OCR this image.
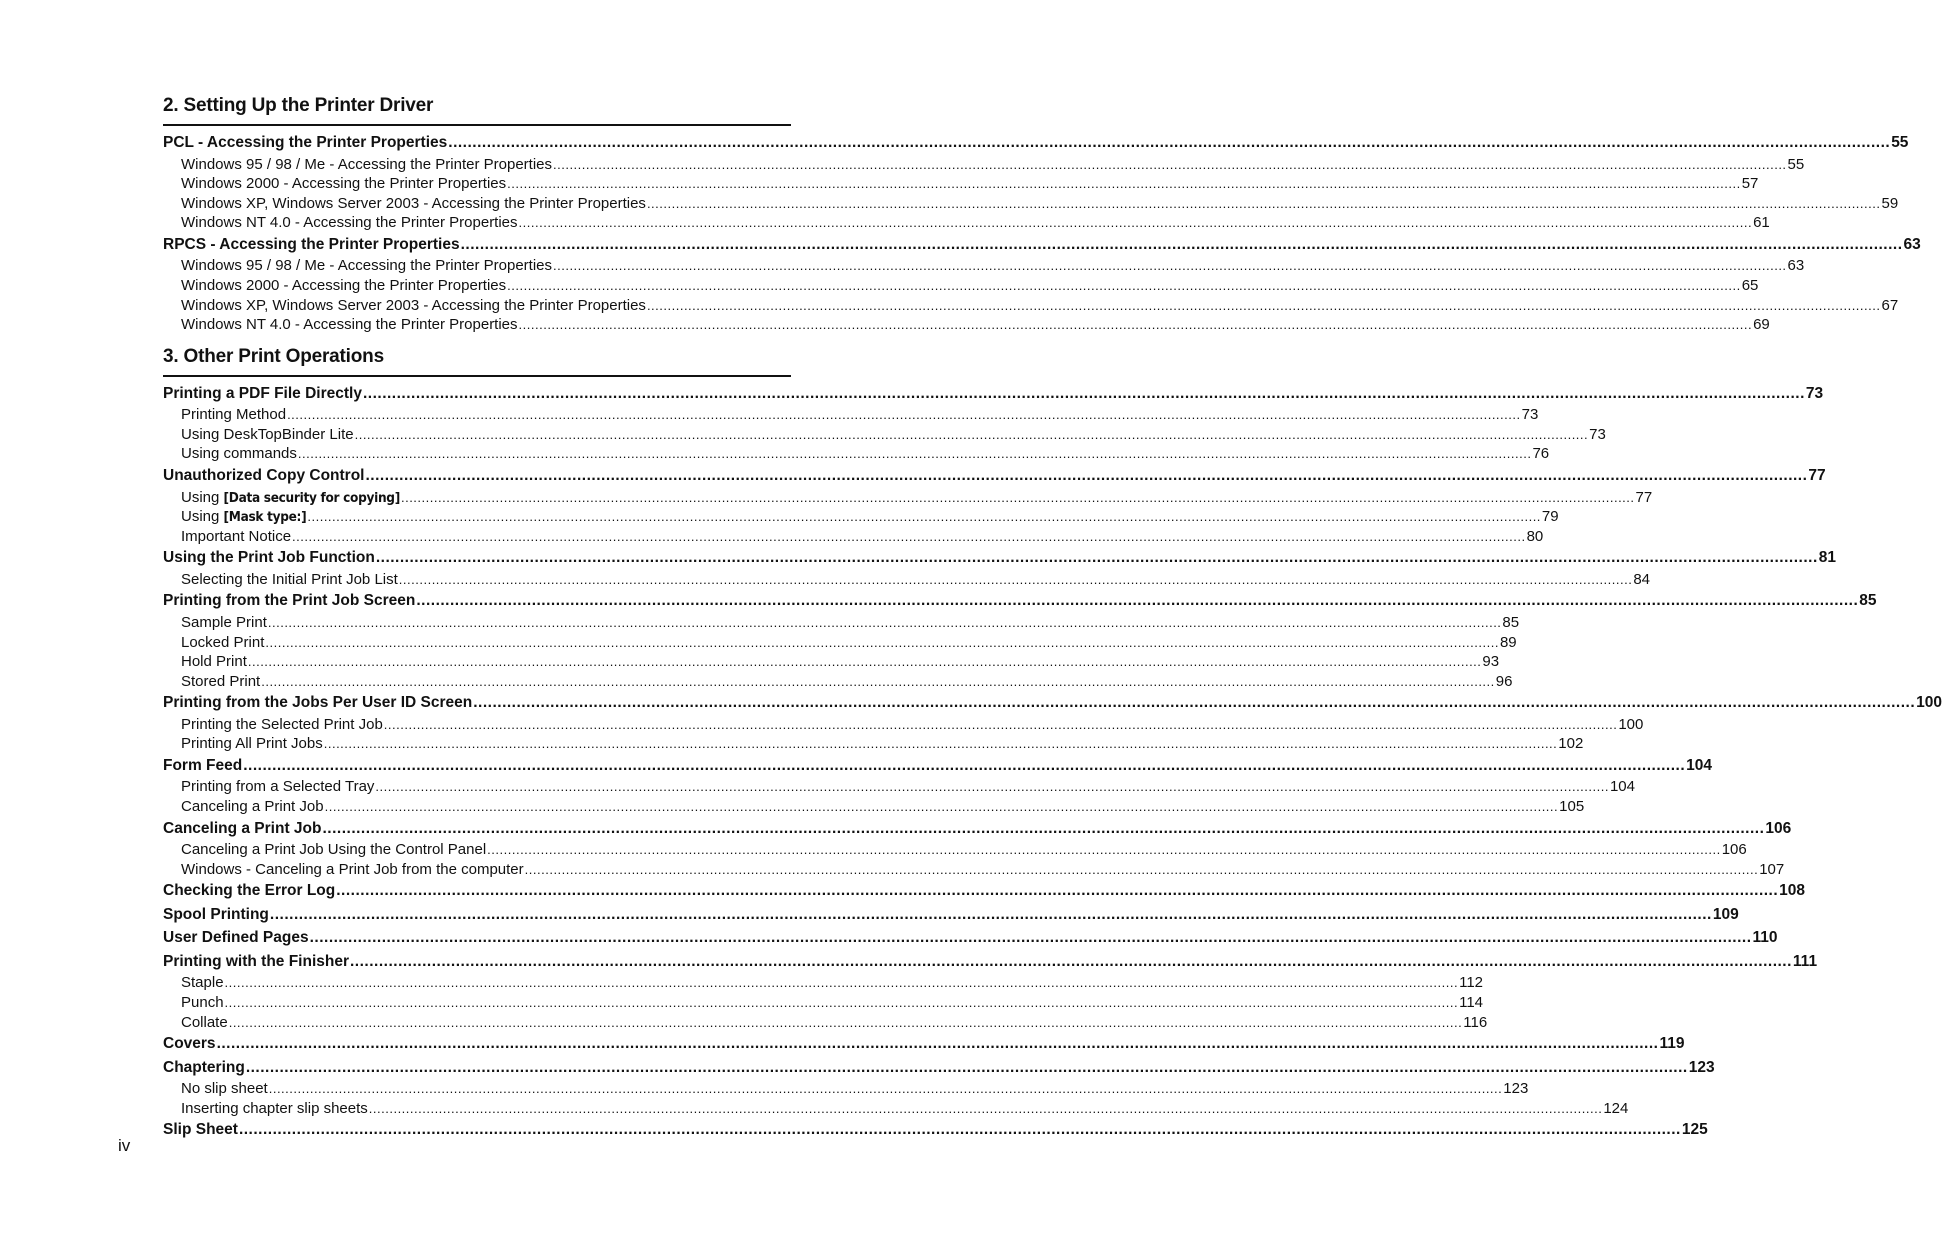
2. Setting Up the Printer Driver
PCL - Accessing the Printer Properties ............................................................................................................................................................................................................................................................................................................ 55
Windows 95 / 98 / Me - Accessing the Printer Properties ............................................................................................................................................................................................................................................................................................................ 55
Windows 2000 - Accessing the Printer Properties ............................................................................................................................................................................................................................................................................................................ 57
Windows XP, Windows Server 2003 - Accessing the Printer Properties ............................................................................................................................................................................................................................................................................................................ 59
Windows NT 4.0 - Accessing the Printer Properties ............................................................................................................................................................................................................................................................................................................ 61
RPCS - Accessing the Printer Properties ............................................................................................................................................................................................................................................................................................................ 63
Windows 95 / 98 / Me - Accessing the Printer Properties ............................................................................................................................................................................................................................................................................................................ 63
Windows 2000 - Accessing the Printer Properties ............................................................................................................................................................................................................................................................................................................ 65
Windows XP, Windows Server 2003 - Accessing the Printer Properties ............................................................................................................................................................................................................................................................................................................ 67
Windows NT 4.0 - Accessing the Printer Properties ............................................................................................................................................................................................................................................................................................................ 69
3. Other Print Operations
Printing a PDF File Directly ............................................................................................................................................................................................................................................................................................................ 73
Printing Method ............................................................................................................................................................................................................................................................................................................ 73
Using DeskTopBinder Lite ............................................................................................................................................................................................................................................................................................................ 73
Using commands ............................................................................................................................................................................................................................................................................................................ 76
Unauthorized Copy Control ............................................................................................................................................................................................................................................................................................................ 77
Using [Data security for copying] ............................................................................................................................................................................................................................................................................................................ 77
Using [Mask type:] ............................................................................................................................................................................................................................................................................................................ 79
Important Notice ............................................................................................................................................................................................................................................................................................................ 80
Using the Print Job Function ............................................................................................................................................................................................................................................................................................................ 81
Selecting the Initial Print Job List ............................................................................................................................................................................................................................................................................................................ 84
Printing from the Print Job Screen ............................................................................................................................................................................................................................................................................................................ 85
Sample Print ............................................................................................................................................................................................................................................................................................................ 85
Locked Print ............................................................................................................................................................................................................................................................................................................ 89
Hold Print ............................................................................................................................................................................................................................................................................................................ 93
Stored Print ............................................................................................................................................................................................................................................................................................................ 96
Printing from the Jobs Per User ID Screen ............................................................................................................................................................................................................................................................................................................ 100
Printing the Selected Print Job ............................................................................................................................................................................................................................................................................................................ 100
Printing All Print Jobs ............................................................................................................................................................................................................................................................................................................ 102
Form Feed ............................................................................................................................................................................................................................................................................................................ 104
Printing from a Selected Tray ............................................................................................................................................................................................................................................................................................................ 104
Canceling a Print Job ............................................................................................................................................................................................................................................................................................................ 105
Canceling a Print Job ............................................................................................................................................................................................................................................................................................................ 106
Canceling a Print Job Using the Control Panel ............................................................................................................................................................................................................................................................................................................ 106
Windows - Canceling a Print Job from the computer ............................................................................................................................................................................................................................................................................................................ 107
Checking the Error Log ............................................................................................................................................................................................................................................................................................................ 108
Spool Printing ............................................................................................................................................................................................................................................................................................................ 109
User Defined Pages ............................................................................................................................................................................................................................................................................................................ 110
Printing with the Finisher ............................................................................................................................................................................................................................................................................................................ 111
Staple ............................................................................................................................................................................................................................................................................................................ 112
Punch ............................................................................................................................................................................................................................................................................................................ 114
Collate ............................................................................................................................................................................................................................................................................................................ 116
Covers ............................................................................................................................................................................................................................................................................................................ 119
Chaptering ............................................................................................................................................................................................................................................................................................................ 123
No slip sheet ............................................................................................................................................................................................................................................................................................................ 123
Inserting chapter slip sheets ............................................................................................................................................................................................................................................................................................................ 124
Slip Sheet ............................................................................................................................................................................................................................................................................................................ 125
iv
